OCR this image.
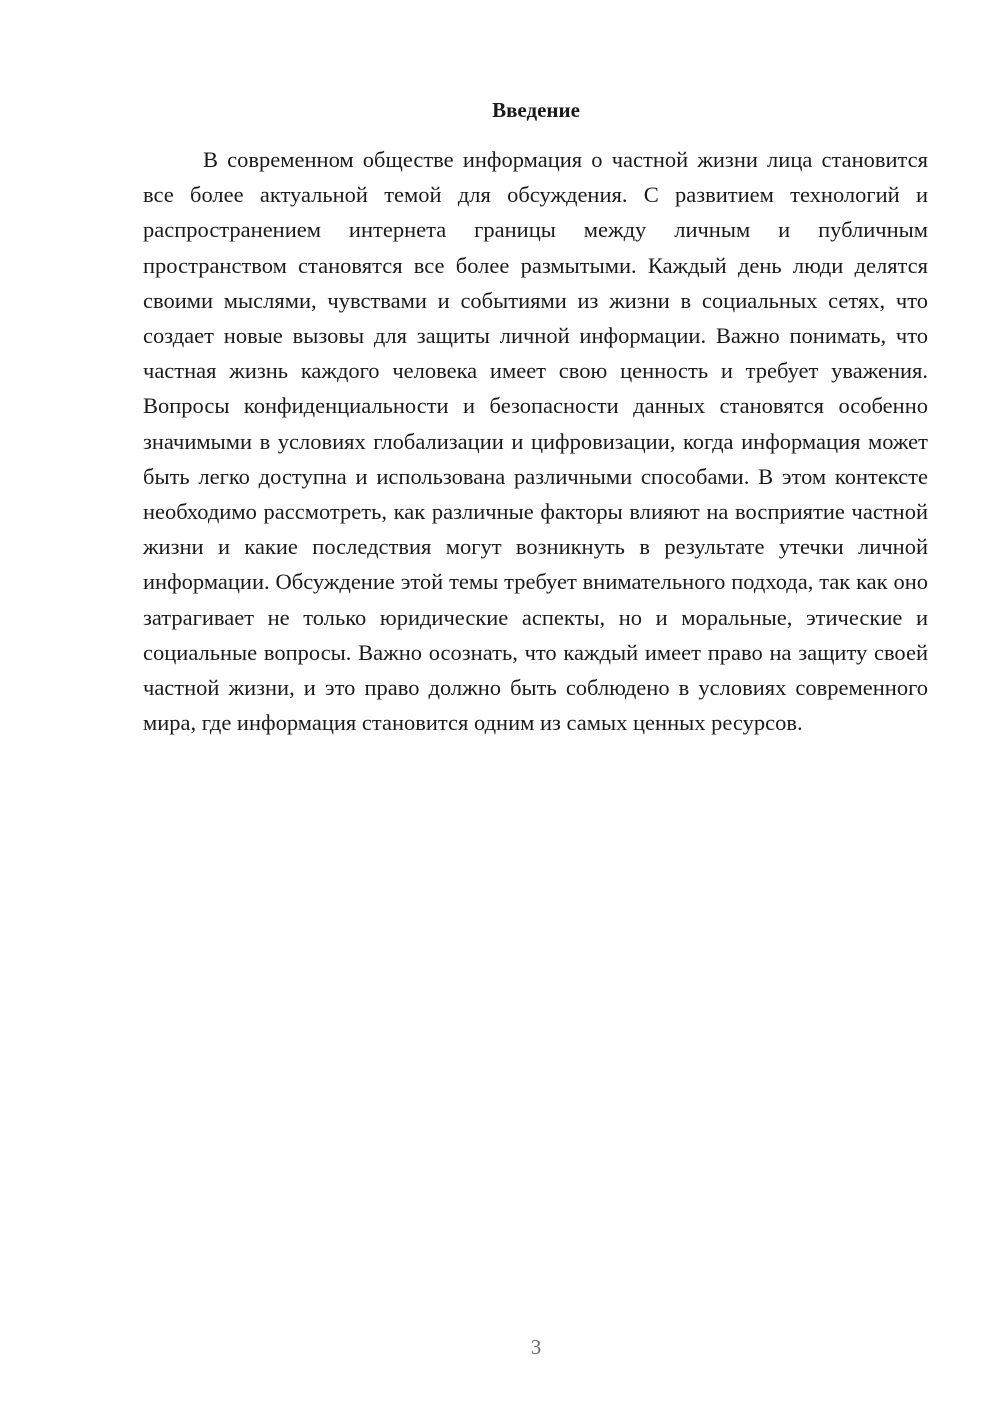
Введение

В современном обществе информация о частной жизни лица становится все более актуальной темой для обсуждения. С развитием технологий и распространением интернета границы между личным и публичным пространством становятся все более размытыми. Каждый день люди делятся своими мыслями, чувствами и событиями из жизни в социальных сетях, что создает новые вызовы для защиты личной информации. Важно понимать, что частная жизнь каждого человека имеет свою ценность и требует уважения. Вопросы конфиденциальности и безопасности данных становятся особенно значимыми в условиях глобализации и цифровизации, когда информация может быть легко доступна и использована различными способами. В этом контексте необходимо рассмотреть, как различные факторы влияют на восприятие частной жизни и какие последствия могут возникнуть в результате утечки личной информации. Обсуждение этой темы требует внимательного подхода, так как оно затрагивает не только юридические аспекты, но и моральные, этические и социальные вопросы. Важно осознать, что каждый имеет право на защиту своей частной жизни, и это право должно быть соблюдено в условиях современного мира, где информация становится одним из самых ценных ресурсов.

3
